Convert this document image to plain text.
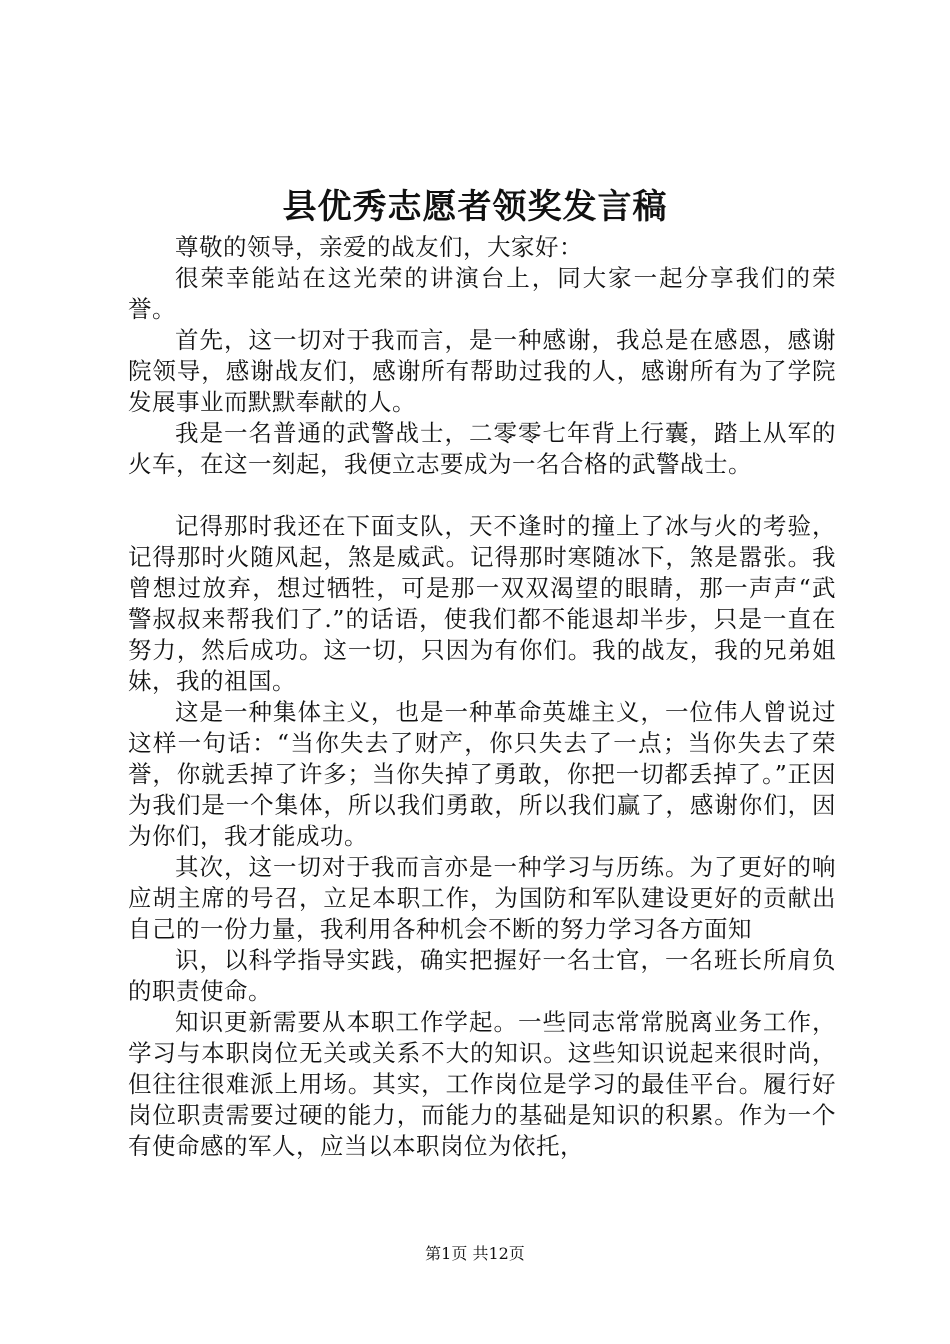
县优秀志愿者领奖发言稿

尊敬的领导，亲爱的战友们，大家好：

很荣幸能站在这光荣的讲演台上，同大家一起分享我们的荣誉。

首先，这一切对于我而言，是一种感谢，我总是在感恩，感谢院领导，感谢战友们，感谢所有帮助过我的人，感谢所有为了学院发展事业而默默奉献的人。

我是一名普通的武警战士，二零零七年背上行囊，踏上从军的火车，在这一刻起，我便立志要成为一名合格的武警战士。

记得那时我还在下面支队，天不逢时的撞上了冰与火的考验，记得那时火随风起，煞是威武。记得那时寒随冰下，煞是嚣张。我曾想过放弃，想过牺牲，可是那一双双渴望的眼睛，那一声声“武警叔叔来帮我们了.”的话语，使我们都不能退却半步，只是一直在努力，然后成功。这一切，只因为有你们。我的战友，我的兄弟姐妹，我的祖国。

这是一种集体主义，也是一种革命英雄主义，一位伟人曾说过这样一句话：“当你失去了财产，你只失去了一点；当你失去了荣誉，你就丢掉了许多；当你失掉了勇敢，你把一切都丢掉了。”正因为我们是一个集体，所以我们勇敢，所以我们赢了，感谢你们，因为你们，我才能成功。

其次，这一切对于我而言亦是一种学习与历练。为了更好的响应胡主席的号召，立足本职工作，为国防和军队建设更好的贡献出自己的一份力量，我利用各种机会不断的努力学习各方面知

识，以科学指导实践，确实把握好一名士官，一名班长所肩负的职责使命。

知识更新需要从本职工作学起。一些同志常常脱离业务工作，学习与本职岗位无关或关系不大的知识。这些知识说起来很时尚，但往往很难派上用场。其实，工作岗位是学习的最佳平台。履行好岗位职责需要过硬的能力，而能力的基础是知识的积累。作为一个有使命感的军人，应当以本职岗位为依托，

第1页 共12页
